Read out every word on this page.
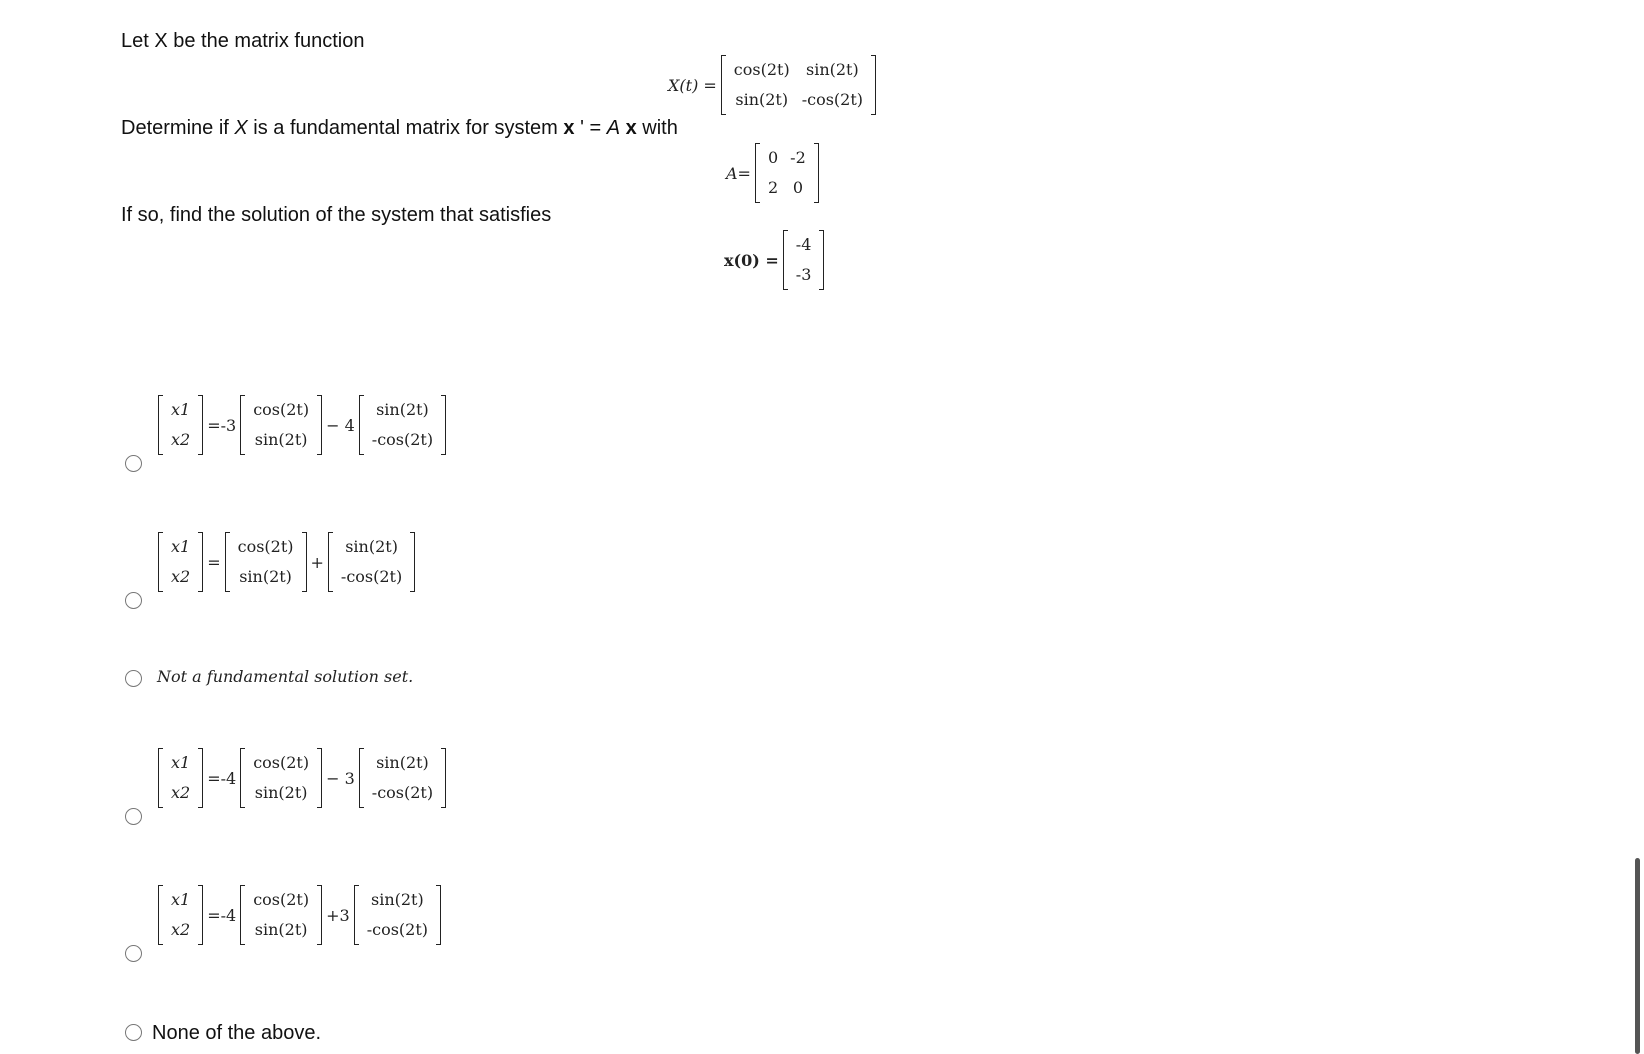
Let X be the matrix function
Determine if X is a fundamental matrix for system x ' = A x with
If so, find the solution of the system that satisfies
X(t) =
cos(2t)	sin(2t)
sin(2t)	-cos(2t)
A=
0	-2
2	0
x(0) =
-4
-3
x1
x2
=-3
cos(2t)
sin(2t)
− 4
sin(2t)
-cos(2t)
x1
x2
=
cos(2t)
sin(2t)
+
sin(2t)
-cos(2t)
Not a fundamental solution set.
x1
x2
=-4
cos(2t)
sin(2t)
− 3
sin(2t)
-cos(2t)
x1
x2
=-4
cos(2t)
sin(2t)
+3
sin(2t)
-cos(2t)
None of the above.
